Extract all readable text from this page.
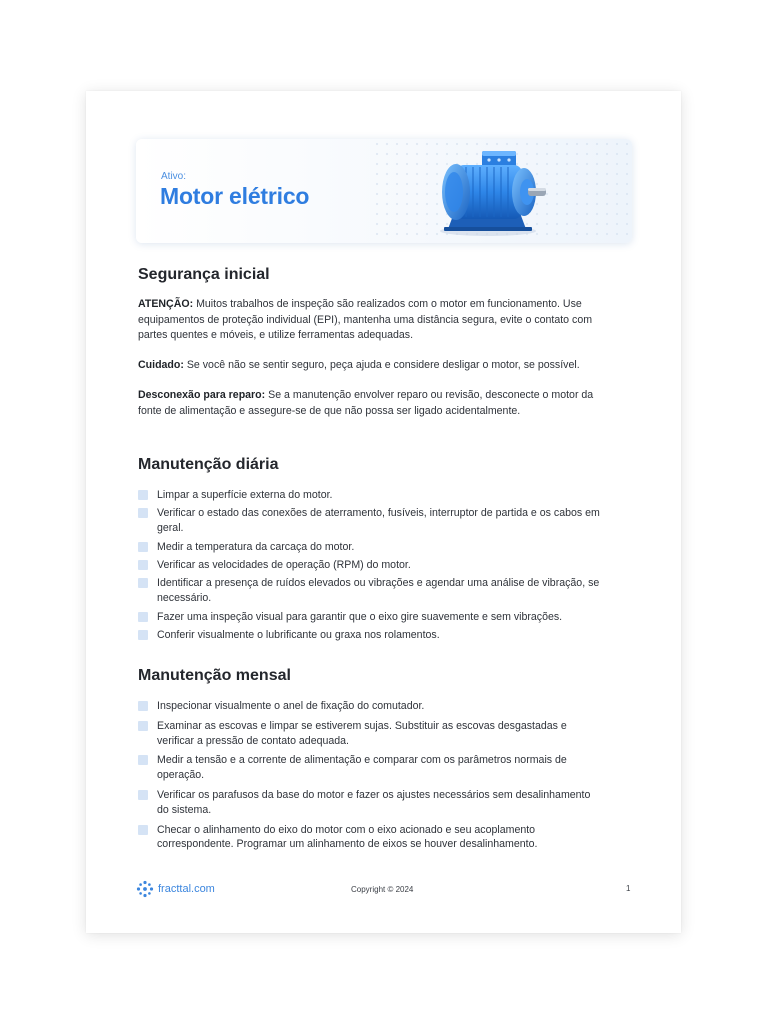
Ativo:
Motor elétrico
Segurança inicial

ATENÇÃO: Muitos trabalhos de inspeção são realizados com o motor em funcionamento. Use equipamentos de proteção individual (EPI), mantenha uma distância segura, evite o contato com partes quentes e móveis, e utilize ferramentas adequadas.

Cuidado: Se você não se sentir seguro, peça ajuda e considere desligar o motor, se possível.

Desconexão para reparo: Se a manutenção envolver reparo ou revisão, desconecte o motor da fonte de alimentação e assegure-se de que não possa ser ligado acidentalmente.

Manutenção diária
Limpar a superfície externa do motor.
Verificar o estado das conexões de aterramento, fusíveis, interruptor de partida e os cabos em geral.
Medir a temperatura da carcaça do motor.
Verificar as velocidades de operação (RPM) do motor.
Identificar a presença de ruídos elevados ou vibrações e agendar uma análise de vibração, se necessário.
Fazer uma inspeção visual para garantir que o eixo gire suavemente e sem vibrações.
Conferir visualmente o lubrificante ou graxa nos rolamentos.
Manutenção mensal
Inspecionar visualmente o anel de fixação do comutador.
Examinar as escovas e limpar se estiverem sujas. Substituir as escovas desgastadas e verificar a pressão de contato adequada.
Medir a tensão e a corrente de alimentação e comparar com os parâmetros normais de operação.
Verificar os parafusos da base do motor e fazer os ajustes necessários sem desalinhamento do sistema.
Checar o alinhamento do eixo do motor com o eixo acionado e seu acoplamento correspondente. Programar um alinhamento de eixos se houver desalinhamento.
fracttal.com	Copyright © 2024	1
